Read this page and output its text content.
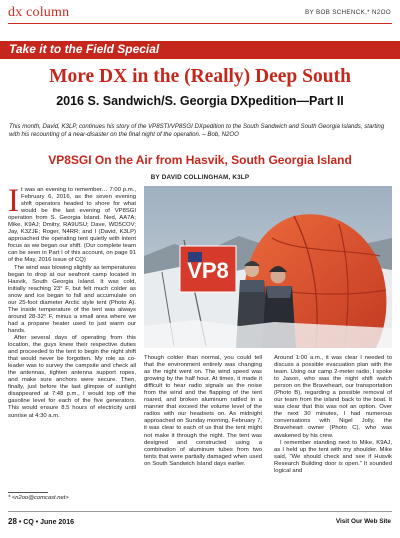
dx column	BY BOB SCHENCK,* N2OO
Take it to the Field Special
More DX in the (Really) Deep South
2016 S. Sandwich/S. Georgia DXpedition—Part II
This month, David, K3LP, continues his story of the VP8STI/VP8SGI DXpedition to the South Sandwich and South Georgia Islands, starting with his recounting of a near-disaster on the final night of the operation. – Bob, N2OO
VP8SGI On the Air from Hasvik, South Georgia Island
BY DAVID COLLINGHAM, K3LP
I t was an evening to remember… 7:00 p.m., February 6, 2016, as the seven evening shift operators headed to shore for what would be the last evening of VP8SGI operation from S. Georgia Island. Ned, AA7A; Mike, K9AJ; Dmitry, RA9USU; Dave, WD5COV; Jay, K3ZJE; Roger, N4RR; and I (David, K3LP) approached the operating tent quietly with intent focus as we began our shift. (Our complete team can be seen in Part I of this account, on page 91 of the May, 2016 issue of CQ)

The wind was blowing slightly as temperatures began to drop at our seafront camp located in Hasvik, South Georgia Island. It was cold, initially reaching 23° F, but felt much colder as snow and ice began to fall and accumulate on our 25-foot diameter Arctic style tent (Photo A). The inside temperature of the tent was always around 28-32° F, minus a small area where we had a propane heater used to just warm our hands.

After several days of operating from this location, the guys knew their respective duties and proceeded to the tent to begin the night shift that would never be forgotten. My role as co-leader was to survey the campsite and check all the antennas, tighten antenna support ropes, and make sure anchors were secure. Then, finally, just before the last glimpse of sunlight disappeared at 7:48 p.m., I would top off the gasoline level for each of the five generators. This would ensure 8.5 hours of electricity until sunrise at 4:30 a.m.

* <n2oo@comcast.net>
VP8

Though colder than normal, you could tell that the environment entirely was changing as the night went on. The wind speed was growing by the half hour. At times, it made it difficult to hear radio signals as the noise from the wind and the flapping of the tent roared, and broken aluminum rattled in a manner that exceed the volume level of the radios with our headsets on. As midnight approached on Sunday morning, February 7, it was clear to each of us that the tent might not make it through the night. The tent was designed and constructed using a combination of aluminum tubes from two tents that were partially damaged when used on South Sandwich Island days earlier.

Around 1:00 a.m., it was clear I needed to discuss a possible evacuation plan with the team. Using our camp 2-meter radio, I spoke to Jason, who was the night shift watch person on the Braveheart, our transportation (Photo B), regarding a possible removal of our team from the island back to the boat. It was clear that this was not an option. Over the next 30 minutes, I had numerous conversations with Nigel Jolly, the Braveheart owner (Photo C), who was awakened by his crew.

I remember standing next to Mike, K9AJ, as I held up the tent with my shoulder. Mike said, “We should check and see if Husvik Research Building door is open.” It sounded logical and

28 • CQ • June 2016	Visit Our Web Site
